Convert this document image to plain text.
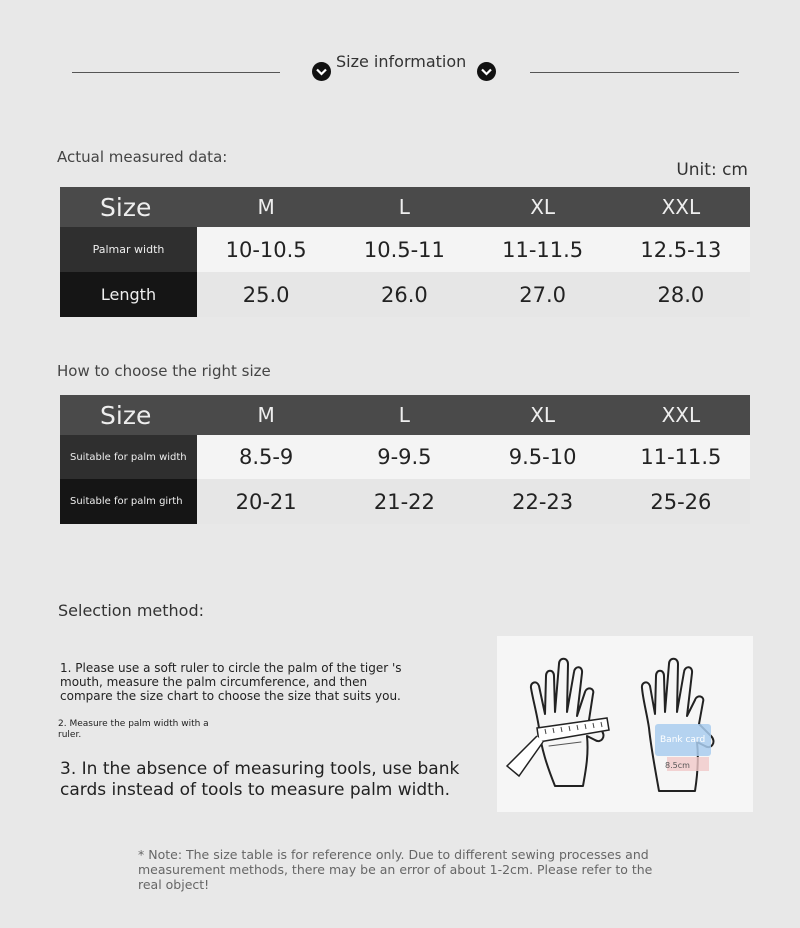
Size information
Actual measured data:
Unit: cm
Size	M	L	XL	XXL
Palmar width	10-10.5	10.5-11	11-11.5	12.5-13
Length	25.0	26.0	27.0	28.0
How to choose the right size
Size	M	L	XL	XXL
Suitable for palm width	8.5-9	9-9.5	9.5-10	11-11.5
Suitable for palm girth	20-21	21-22	22-23	25-26
Selection method:
1. Please use a soft ruler to circle the palm of the tiger 's mouth, measure the palm circumference, and then compare the size chart to choose the size that suits you.
2. Measure the palm width with a ruler.
3. In the absence of measuring tools, use bank cards instead of tools to measure palm width.
Bank card
8.5cm
* Note: The size table is for reference only. Due to different sewing processes and measurement methods, there may be an error of about 1-2cm. Please refer to the real object!
